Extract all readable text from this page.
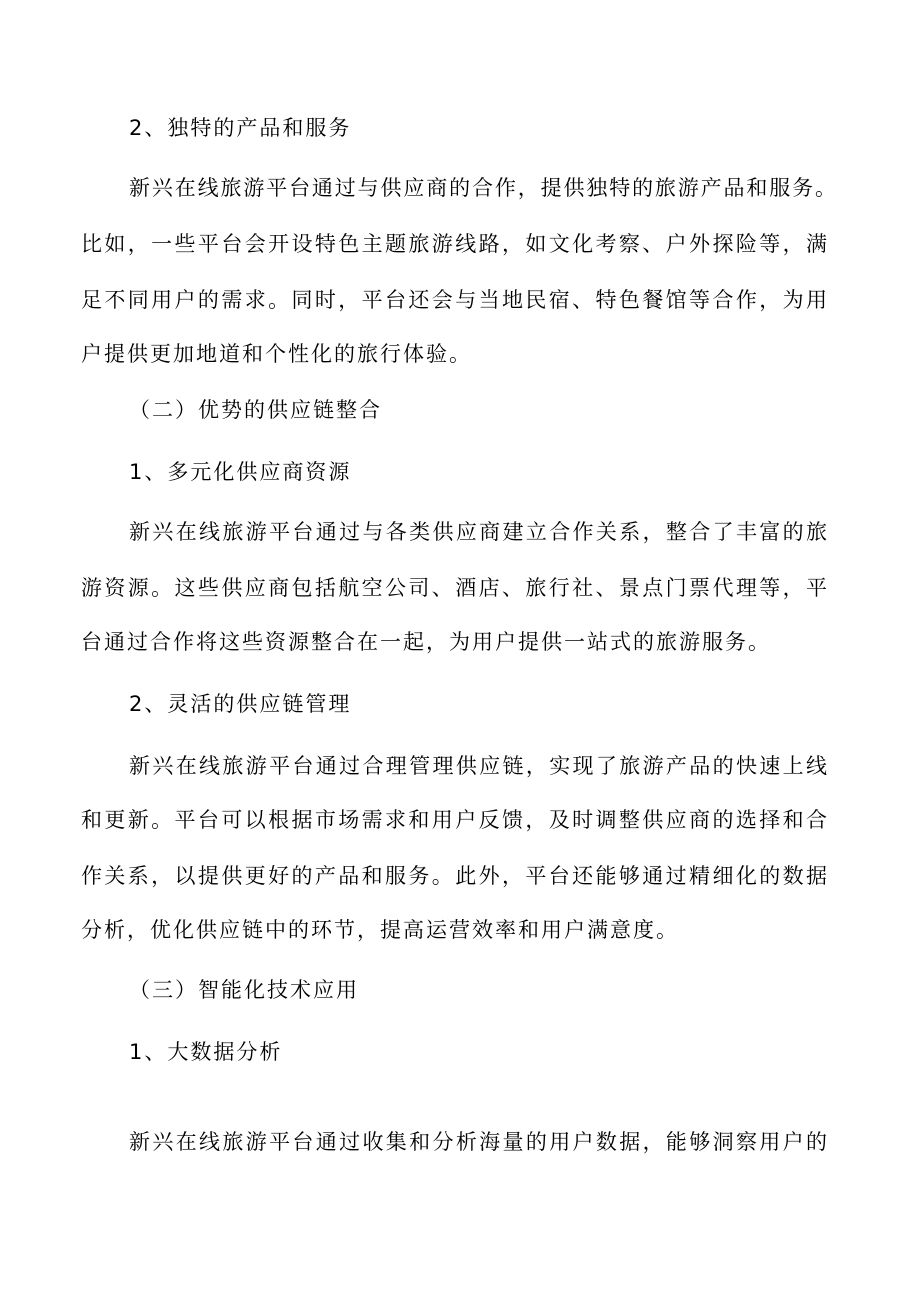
2、独特的产品和服务
新兴在线旅游平台通过与供应商的合作，提供独特的旅游产品和服务。
比如，一些平台会开设特色主题旅游线路，如文化考察、户外探险等，满
足不同用户的需求。同时，平台还会与当地民宿、特色餐馆等合作，为用
户提供更加地道和个性化的旅行体验。
（二）优势的供应链整合
1、多元化供应商资源
新兴在线旅游平台通过与各类供应商建立合作关系，整合了丰富的旅
游资源。这些供应商包括航空公司、酒店、旅行社、景点门票代理等，平
台通过合作将这些资源整合在一起，为用户提供一站式的旅游服务。
2、灵活的供应链管理
新兴在线旅游平台通过合理管理供应链，实现了旅游产品的快速上线
和更新。平台可以根据市场需求和用户反馈，及时调整供应商的选择和合
作关系，以提供更好的产品和服务。此外，平台还能够通过精细化的数据
分析，优化供应链中的环节，提高运营效率和用户满意度。
（三）智能化技术应用
1、大数据分析
新兴在线旅游平台通过收集和分析海量的用户数据，能够洞察用户的
